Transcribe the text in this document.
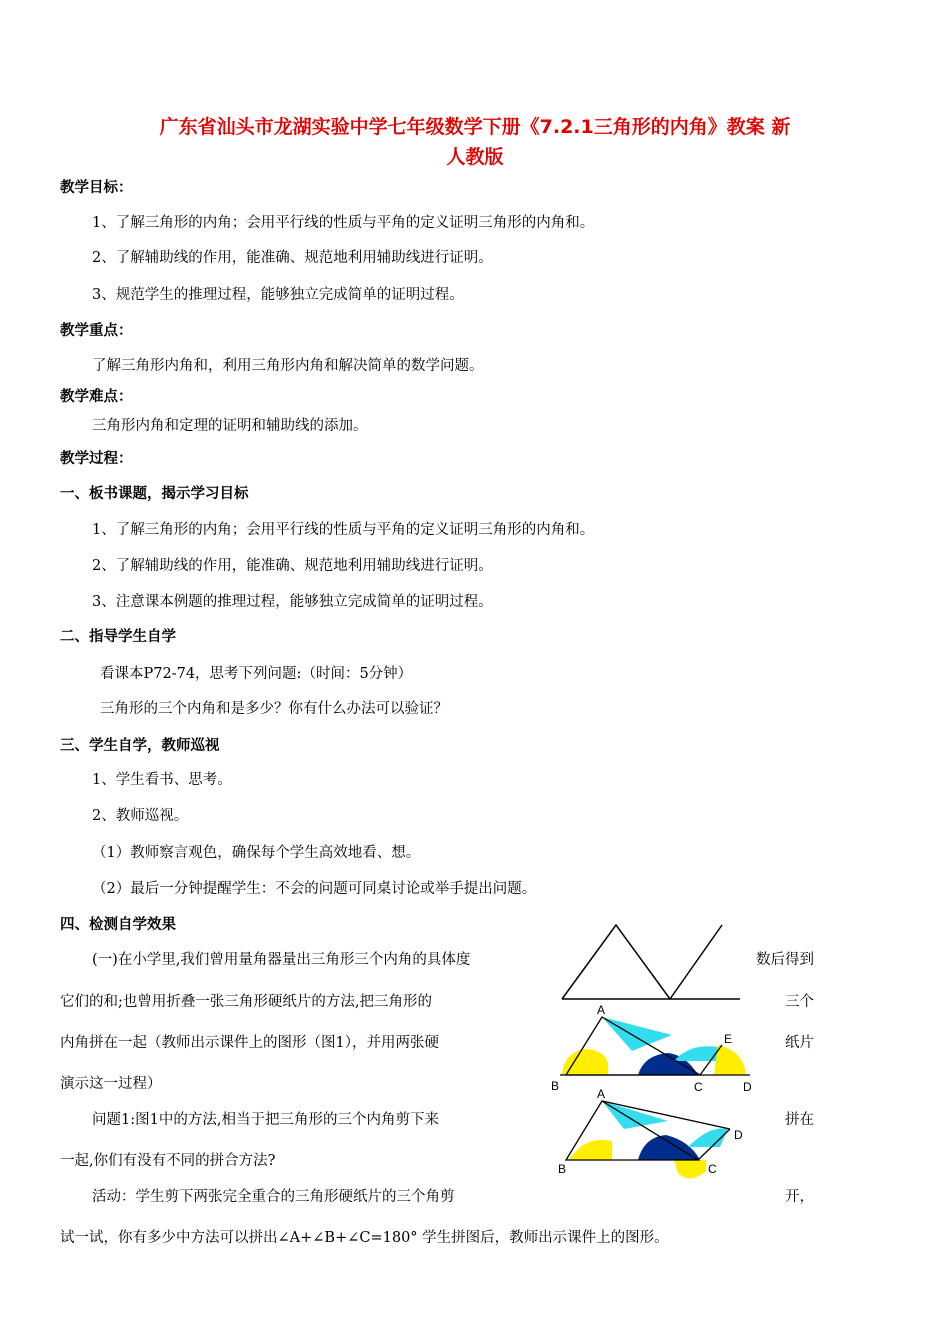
广东省汕头市龙湖实验中学七年级数学下册《7.2.1三角形的内角》教案 新
人教版
教学目标：
1、了解三角形的内角；会用平行线的性质与平角的定义证明三角形的内角和。
2、了解辅助线的作用，能准确、规范地利用辅助线进行证明。
3、规范学生的推理过程，能够独立完成简单的证明过程。
教学重点：
了解三角形内角和，利用三角形内角和解决简单的数学问题。
教学难点：
三角形内角和定理的证明和辅助线的添加。
教学过程：
一、板书课题，揭示学习目标
1、了解三角形的内角；会用平行线的性质与平角的定义证明三角形的内角和。
2、了解辅助线的作用，能准确、规范地利用辅助线进行证明。
3、注意课本例题的推理过程，能够独立完成简单的证明过程。
二、指导学生自学
看课本P72-74，思考下列问题:（时间：5分钟）
三角形的三个内角和是多少？你有什么办法可以验证？
三、学生自学，教师巡视
1、学生看书、思考。
2、教师巡视。
（1）教师察言观色，确保每个学生高效地看、想。
（2）最后一分钟提醒学生：不会的问题可同桌讨论或举手提出问题。
四、检测自学效果
(一)在小学里,我们曾用量角器量出三角形三个内角的具体度	数后得到
它们的和;也曾用折叠一张三角形硬纸片的方法,把三角形的	三个
内角拼在一起（教师出示课件上的图形（图1），并用两张硬	纸片
演示这一过程）
问题1:图1中的方法,相当于把三角形的三个内角剪下来	拼在
一起,你们有没有不同的拼合方法?
活动：学生剪下两张完全重合的三角形硬纸片的三个角剪	开，
试一试，你有多少中方法可以拼出∠A+∠B+∠C=180° 学生拼图后，教师出示课件上的图形。
A
B	C	D
E
A
B	C
D
